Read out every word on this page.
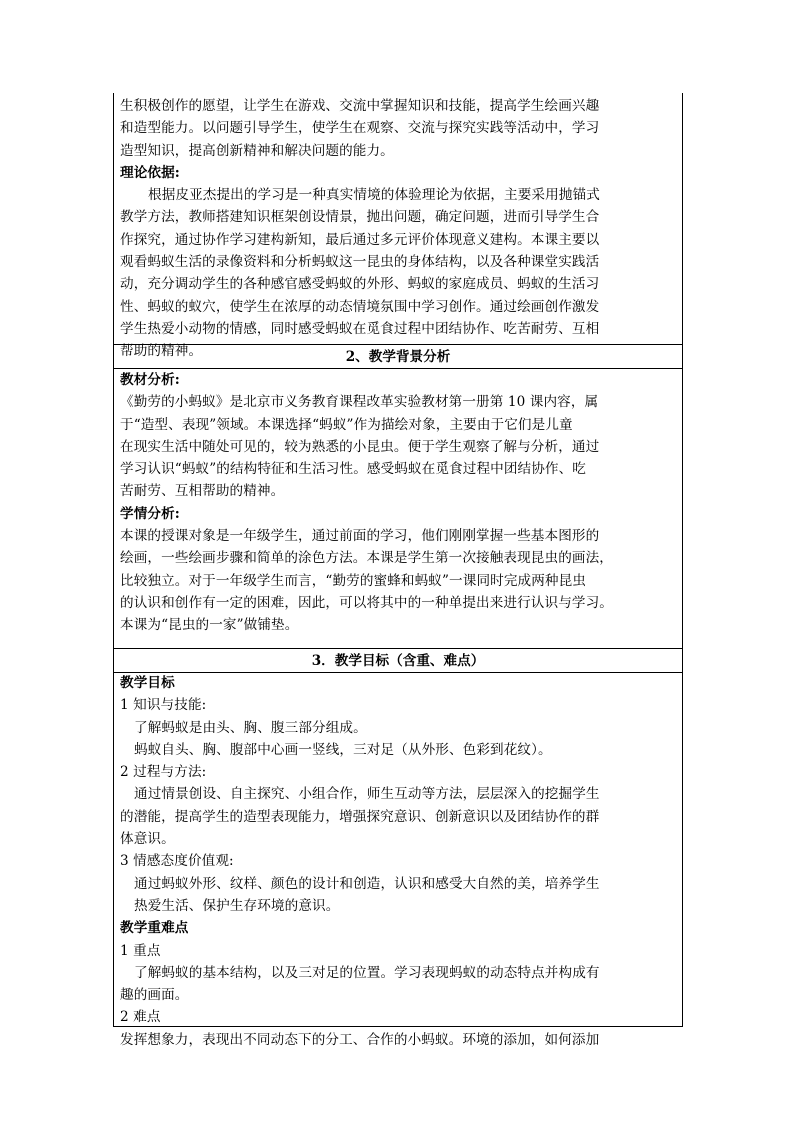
生积极创作的愿望，让学生在游戏、交流中掌握知识和技能，提高学生绘画兴趣

和造型能力。以问题引导学生，使学生在观察、交流与探究实践等活动中，学习

造型知识，提高创新精神和解决问题的能力。

理论依据:

根据皮亚杰提出的学习是一种真实情境的体验理论为依据，主要采用抛锚式

教学方法，教师搭建知识框架创设情景，抛出问题，确定问题，进而引导学生合

作探究，通过协作学习建构新知，最后通过多元评价体现意义建构。本课主要以

观看蚂蚁生活的录像资料和分析蚂蚁这一昆虫的身体结构，以及各种课堂实践活

动，充分调动学生的各种感官感受蚂蚁的外形、蚂蚁的家庭成员、蚂蚁的生活习

性、蚂蚁的蚁穴，使学生在浓厚的动态情境氛围中学习创作。通过绘画创作激发

学生热爱小动物的情感，同时感受蚂蚁在觅食过程中团结协作、吃苦耐劳、互相

帮助的精神。	2、教学背景分析

教材分析:

《勤劳的小蚂蚁》是北京市义务教育课程改革实验教材第一册第 10 课内容，属

于“造型、表现”领域。本课选择“蚂蚁”作为描绘对象，主要由于它们是儿童

在现实生活中随处可见的，较为熟悉的小昆虫。便于学生观察了解与分析，通过

学习认识“蚂蚁”的结构特征和生活习性。感受蚂蚁在觅食过程中团结协作、吃

苦耐劳、互相帮助的精神。

学情分析:

本课的授课对象是一年级学生，通过前面的学习，他们刚刚掌握一些基本图形的

绘画，一些绘画步骤和简单的涂色方法。本课是学生第一次接触表现昆虫的画法，

比较独立。对于一年级学生而言，“勤劳的蜜蜂和蚂蚁”一课同时完成两种昆虫

的认识和创作有一定的困难，因此，可以将其中的一种单提出来进行认识与学习。

本课为“昆虫的一家”做铺垫。

3．教学目标（含重、难点）

教学目标

1 知识与技能:

了解蚂蚁是由头、胸、腹三部分组成。

蚂蚁自头、胸、腹部中心画一竖线，三对足（从外形、色彩到花纹）。

2 过程与方法:

通过情景创设、自主探究、小组合作，师生互动等方法，层层深入的挖掘学生

的潜能，提高学生的造型表现能力，增强探究意识、创新意识以及团结协作的群

体意识。

3 情感态度价值观:

通过蚂蚁外形、纹样、颜色的设计和创造，认识和感受大自然的美，培养学生

热爱生活、保护生存环境的意识。

教学重难点

1 重点

了解蚂蚁的基本结构，以及三对足的位置。学习表现蚂蚁的动态特点并构成有

趣的画面。

2 难点

发挥想象力，表现出不同动态下的分工、合作的小蚂蚁。环境的添加，如何添加
